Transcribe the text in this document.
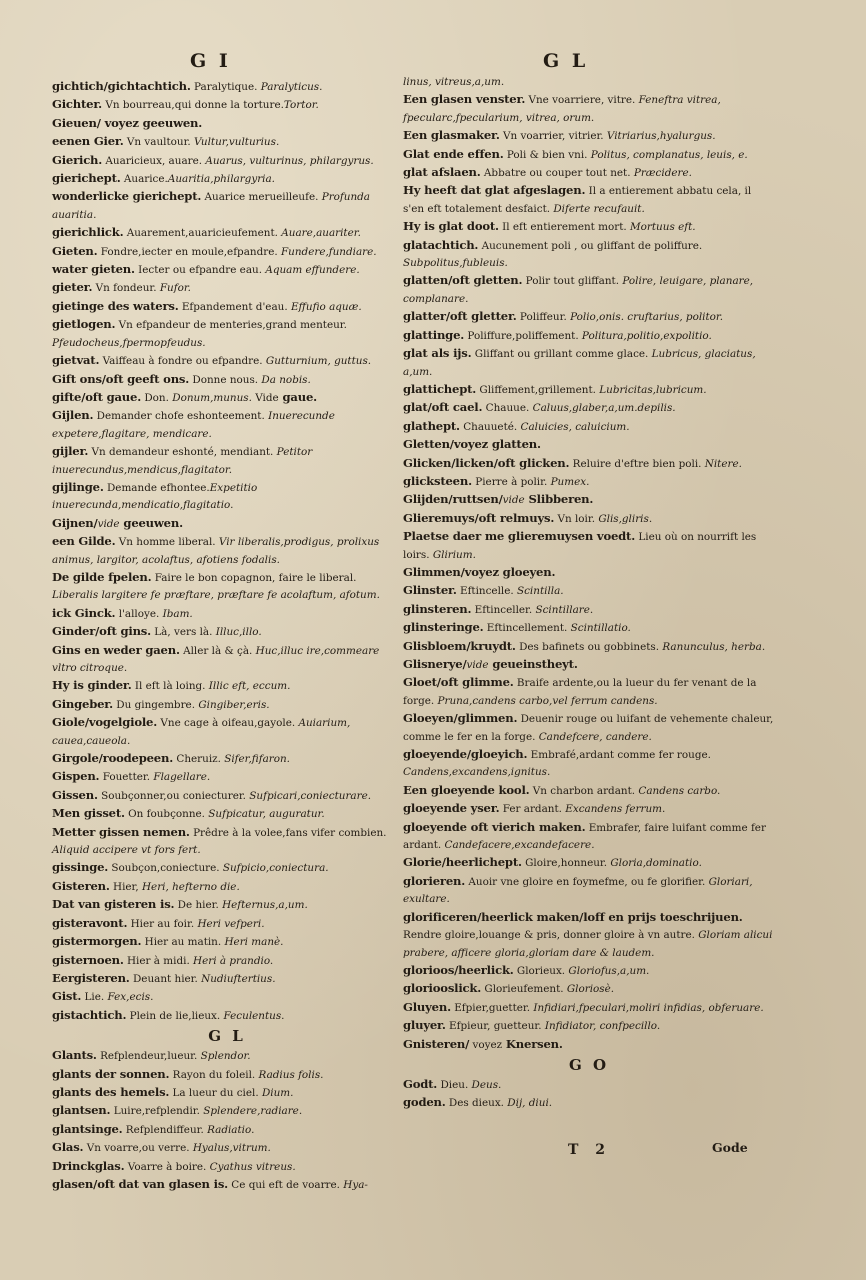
G I	G L
gichtich/gichtachtich. Paralytique. Paralyticus.
Gichter. Vn bourreau,qui donne la torture.Tortor.
Gieuen/ voyez geeuwen.
eenen Gier. Vn vaultour. Vultur,vulturius.
Gierich. Auaricieux, auare. Auarus, vulturinus, philargyrus.
gierichept. Auarice.Auaritia,philargyria.
wonderlicke gierichept. Auarice merueilleufe. Profunda auaritia.
gierichlick. Auarement,auaricieufement. Auare,auariter.
Gieten. Fondre,iecter en moule,efpandre. Fundere,fundiare.
water gieten. Iecter ou efpandre eau. Aquam effundere.
gieter. Vn fondeur. Fufor.
gietinge des waters. Efpandement d'eau. Effufio aquæ.
gietlogen. Vn efpandeur de menteries,grand menteur. Pfeudocheus,fpermopfeudus.
gietvat. Vaiffeau à fondre ou efpandre. Gutturnium, guttus.
Gift ons/oft geeft ons. Donne nous. Da nobis.
gifte/oft gaue. Don. Donum,munus. Vide gaue.
Gijlen. Demander chofe eshonteement. Inuerecunde expetere,flagitare, mendicare.
gijler. Vn demandeur eshonté, mendiant. Petitor inuerecundus,mendicus,flagitator.
gijlinge. Demande efhontee.Expetitio inuerecunda,mendicatio,flagitatio.
Gijnen/vide geeuwen.
een Gilde. Vn homme liberal. Vir liberalis,prodigus, prolixus animus, largitor, acolaftus, afotiens fodalis.
De gilde fpelen. Faire le bon copagnon, faire le liberal. Liberalis largitere fe præftare, præftare fe acolaftum, afotum.
ick Ginck. l'alloye. Ibam.
Ginder/oft gins. Là, vers là. Illuc,illo.
Gins en weder gaen. Aller là & çà. Huc,illuc ire,commeare vltro citroque.
Hy is ginder. Il eft là loing. Illic eft, eccum.
Gingeber. Du gingembre. Gingiber,eris.
Giole/vogelgiole. Vne cage à oifeau,gayole. Auiarium, cauea,caueola.
Girgole/roodepeen. Cheruiz. Sifer,fifaron.
Gispen. Fouetter. Flagellare.
Gissen. Soubçonner,ou coniecturer. Sufpicari,coniecturare.
Men gisset. On foubçonne. Sufpicatur, auguratur.
Metter gissen nemen. Prêdre à la volee,fans vifer combien. Aliquid accipere vt fors fert.
gissinge. Soubçon,coniecture. Sufpicio,coniectura.
Gisteren. Hier, Heri, hefterno die.
Dat van gisteren is. De hier. Hefternus,a,um.
gisteravont. Hier au foir. Heri vefperi.
gistermorgen. Hier au matin. Heri manè.
gisternoen. Hier à midi. Heri à prandio.
Eergisteren. Deuant hier. Nudiuftertius.
Gist. Lie. Fex,ecis.
gistachtich. Plein de lie,lieux. Feculentus.
G L
Glants. Refplendeur,lueur. Splendor.
glants der sonnen. Rayon du foleil. Radius folis.
glants des hemels. La lueur du ciel. Dium.
glantsen. Luire,refplendir. Splendere,radiare.
glantsinge. Refplendiffeur. Radiatio.
Glas. Vn voarre,ou verre. Hyalus,vitrum.
Drinckglas. Voarre à boire. Cyathus vitreus.
glasen/oft dat van glasen is. Ce qui eft de voarre. Hya-
linus, vitreus,a,um.
Een glasen venster. Vne voarriere, vitre. Feneftra vitrea, fpecularc,fpecularium, vitrea, orum.
Een glasmaker. Vn voarrier, vitrier. Vitriarius,hyalurgus.
Glat ende effen. Poli & bien vni. Politus, complanatus, leuis, e.
glat afslaen. Abbatre ou couper tout net. Præcidere.
Hy heeft dat glat afgeslagen. Il a entierement abbatu cela, il s'en eft totalement desfaict. Diferte recufauit.
Hy is glat doot. Il eft entierement mort. Mortuus eft.
glatachtich. Aucunement poli , ou gliffant de poliffure. Subpolitus,fubleuis.
glatten/oft gletten. Polir tout gliffant. Polire, leuigare, planare, complanare.
glatter/oft gletter. Poliffeur. Polio,onis. cruftarius, politor.
glattinge. Poliffure,poliffement. Politura,politio,expolitio.
glat als ijs. Gliffant ou grillant comme glace. Lubricus, glaciatus, a,um.
glattichept. Gliffement,grillement. Lubricitas,lubricum.
glat/oft cael. Chauue. Caluus,glaber,a,um.depilis.
glathept. Chauueté. Caluicies, caluicium.
Gletten/voyez glatten.
Glicken/licken/oft glicken. Reluire d'eftre bien poli. Nitere.
glicksteen. Pierre à polir. Pumex.
Glijden/ruttsen/vide Slibberen.
Glieremuys/oft relmuys. Vn loir. Glis,gliris.
Plaetse daer me glieremuysen voedt. Lieu où on nourrift les loirs. Glirium.
Glimmen/voyez gloeyen.
Glinster. Eftincelle. Scintilla.
glinsteren. Eftinceller. Scintillare.
glinsteringe. Eftincellement. Scintillatio.
Glisbloem/kruydt. Des bafinets ou gobbinets. Ranunculus, herba.
Glisnerye/vide geueinstheyt.
Gloet/oft glimme. Braife ardente,ou la lueur du fer venant de la forge. Pruna,candens carbo,vel ferrum candens.
Gloeyen/glimmen. Deuenir rouge ou luifant de vehemente chaleur, comme le fer en la forge. Candefcere, candere.
gloeyende/gloeyich. Embrafé,ardant comme fer rouge. Candens,excandens,ignitus.
Een gloeyende kool. Vn charbon ardant. Candens carbo.
gloeyende yser. Fer ardant. Excandens ferrum.
gloeyende oft vierich maken. Embrafer, faire luifant comme fer ardant. Candefacere,excandefacere.
Glorie/heerlichept. Gloire,honneur. Gloria,dominatio.
glorieren. Auoir vne gloire en foymefme, ou fe glorifier. Gloriari, exultare.
glorificeren/heerlick maken/loff en prijs toeschrijuen. Rendre gloire,louange & pris, donner gloire à vn autre. Gloriam alicui prabere, afficere gloria,gloriam dare & laudem.
glorioos/heerlick. Glorieux. Gloriofus,a,um.
gloriooslick. Glorieufement. Gloriosè.
Gluyen. Efpier,guetter. Infidiari,fpeculari,moliri infidias, obferuare.
gluyer. Efpieur, guetteur. Infidiator, confpecillo.
Gnisteren/ voyez Knersen.
G O
Godt. Dieu. Deus.
goden. Des dieux. Dij, diui.
T 2	Gode
